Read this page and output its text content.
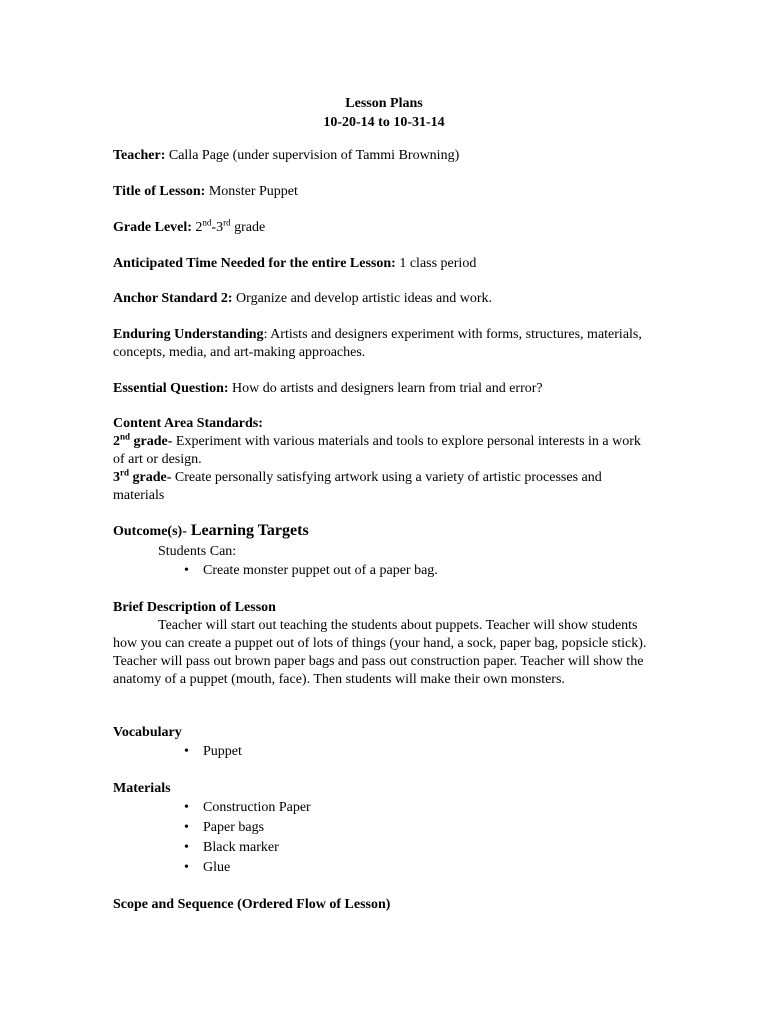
Lesson Plans
10-20-14 to 10-31-14
Teacher: Calla Page (under supervision of Tammi Browning)
Title of Lesson: Monster Puppet
Grade Level: 2nd-3rd grade
Anticipated Time Needed for the entire Lesson: 1 class period
Anchor Standard 2: Organize and develop artistic ideas and work.
Enduring Understanding: Artists and designers experiment with forms, structures, materials, concepts, media, and art-making approaches.
Essential Question: How do artists and designers learn from trial and error?
Content Area Standards:
2nd grade- Experiment with various materials and tools to explore personal interests in a work of art or design.
3rd grade- Create personally satisfying artwork using a variety of artistic processes and materials
Outcome(s)- Learning Targets
Students Can:
• Create monster puppet out of a paper bag.
Brief Description of Lesson
Teacher will start out teaching the students about puppets. Teacher will show students how you can create a puppet out of lots of things (your hand, a sock, paper bag, popsicle stick). Teacher will pass out brown paper bags and pass out construction paper. Teacher will show the anatomy of a puppet (mouth, face). Then students will make their own monsters.
Vocabulary
• Puppet
Materials
• Construction Paper
• Paper bags
• Black marker
• Glue
Scope and Sequence (Ordered Flow of Lesson)
